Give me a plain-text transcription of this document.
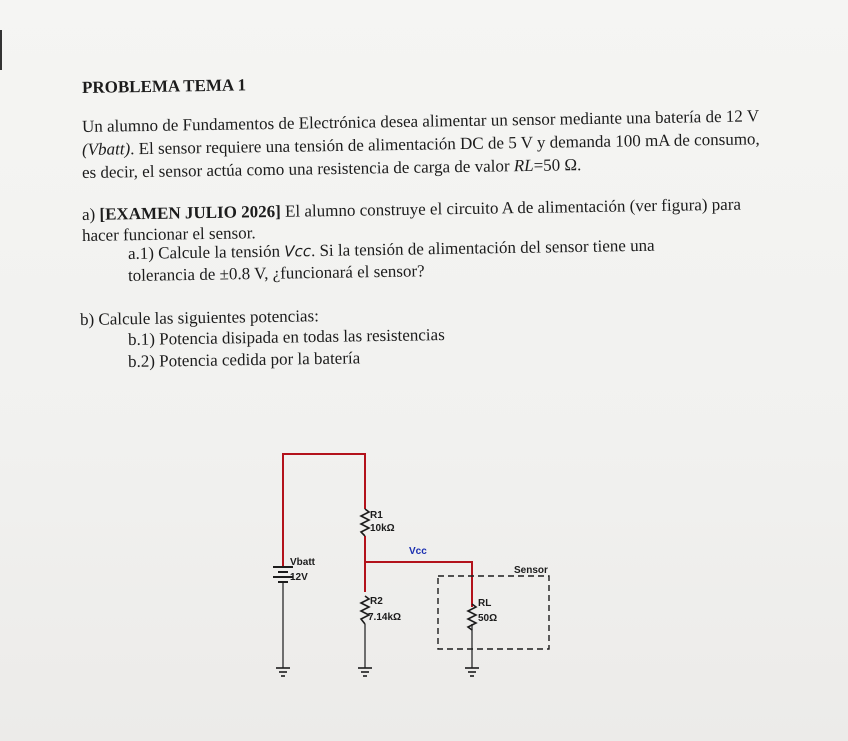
PROBLEMA TEMA 1
Un alumno de Fundamentos de Electrónica desea alimentar un sensor mediante una batería de 12 V
(Vbatt). El sensor requiere una tensión de alimentación DC de 5 V y demanda 100 mA de consumo,
es decir, el sensor actúa como una resistencia de carga de valor RL=50 Ω.
a) [EXAMEN JULIO 2026] El alumno construye el circuito A de alimentación (ver figura) para
hacer funcionar el sensor.
a.1) Calcule la tensión Vcc. Si la tensión de alimentación del sensor tiene una
tolerancia de ±0.8 V, ¿funcionará el sensor?
b) Calcule las siguientes potencias:
b.1) Potencia disipada en todas las resistencias
b.2) Potencia cedida por la batería
Vbatt
12V
R1
10kΩ
Vcc
Sensor
R2
7.14kΩ
RL
50Ω
